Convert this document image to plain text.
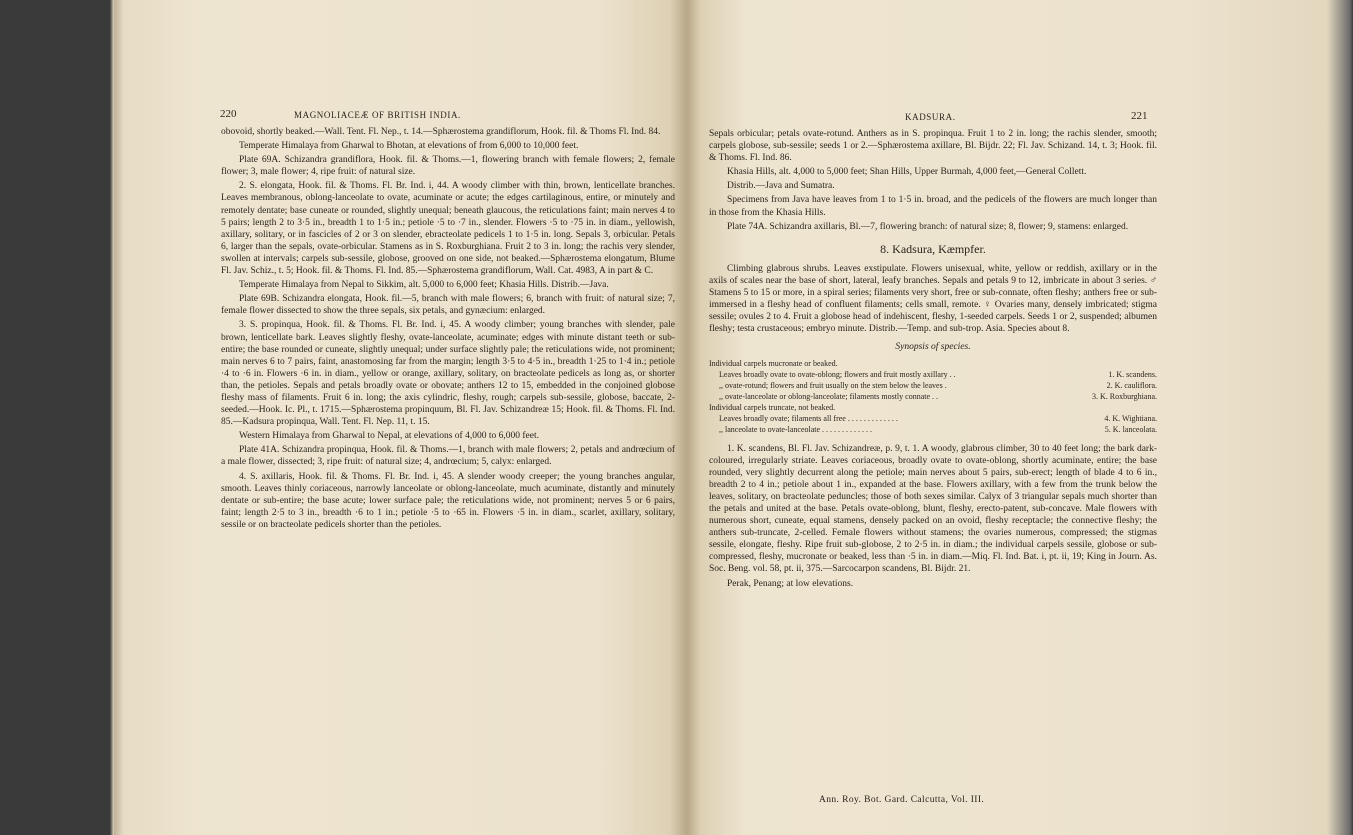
220	MAGNOLIACEÆ OF BRITISH INDIA.

obovoid, shortly beaked.—Wall. Tent. Fl. Nep., t. 14.—Sphærostema grandiflorum, Hook. fil. & Thoms Fl. Ind. 84.

Temperate Himalaya from Gharwal to Bhotan, at elevations of from 6,000 to 10,000 feet.

Plate 69A. Schizandra grandiflora, Hook. fil. & Thoms.—1, flowering branch with female flowers; 2, female flower; 3, male flower; 4, ripe fruit: of natural size.

2. S. elongata, Hook. fil. & Thoms. Fl. Br. Ind. i, 44. A woody climber with thin, brown, lenticellate branches. Leaves membranous, oblong-lanceolate to ovate, acuminate or acute; the edges cartilaginous, entire, or minutely and remotely dentate; base cuneate or rounded, slightly unequal; beneath glaucous, the reticulations faint; main nerves 4 to 5 pairs; length 2 to 3·5 in., breadth 1 to 1·5 in.; petiole ·5 to ·7 in., slender. Flowers ·5 to ·75 in. in diam., yellowish, axillary, solitary, or in fascicles of 2 or 3 on slender, ebracteolate pedicels 1 to 1·5 in. long. Sepals 3, orbicular. Petals 6, larger than the sepals, ovate-orbicular. Stamens as in S. Roxburghiana. Fruit 2 to 3 in. long; the rachis very slender, swollen at intervals; carpels sub-sessile, globose, grooved on one side, not beaked.—Sphærostema elongatum, Blume Fl. Jav. Schiz., t. 5; Hook. fil. & Thoms. Fl. Ind. 85.—Sphærostema grandiflorum, Wall. Cat. 4983, A in part & C.

Temperate Himalaya from Nepal to Sikkim, alt. 5,000 to 6,000 feet; Khasia Hills. Distrib.—Java.

Plate 69B. Schizandra elongata, Hook. fil.—5, branch with male flowers; 6, branch with fruit: of natural size; 7, female flower dissected to show the three sepals, six petals, and gynæcium: enlarged.

3. S. propinqua, Hook. fil. & Thoms. Fl. Br. Ind. i, 45. A woody climber; young branches with slender, pale brown, lenticellate bark. Leaves slightly fleshy, ovate-lanceolate, acuminate; edges with minute distant teeth or sub-entire; the base rounded or cuneate, slightly unequal; under surface slightly pale; the reticulations wide, not prominent; main nerves 6 to 7 pairs, faint, anastomosing far from the margin; length 3·5 to 4·5 in., breadth 1·25 to 1·4 in.; petiole ·4 to ·6 in. Flowers ·6 in. in diam., yellow or orange, axillary, solitary, on bracteolate pedicels as long as, or shorter than, the petioles. Sepals and petals broadly ovate or obovate; anthers 12 to 15, embedded in the conjoined globose fleshy mass of filaments. Fruit 6 in. long; the axis cylindric, fleshy, rough; carpels sub-sessile, globose, baccate, 2-seeded.—Hook. Ic. Pl., t. 1715.—Sphærostema propinquum, Bl. Fl. Jav. Schizandreæ 15; Hook. fil. & Thoms. Fl. Ind. 85.—Kadsura propinqua, Wall. Tent. Fl. Nep. 11, t. 15.

Western Himalaya from Gharwal to Nepal, at elevations of 4,000 to 6,000 feet.

Plate 41A. Schizandra propinqua, Hook. fil. & Thoms.—1, branch with male flowers; 2, petals and andrœcium of a male flower, dissected; 3, ripe fruit: of natural size; 4, andrœcium; 5, calyx: enlarged.

4. S. axillaris, Hook. fil. & Thoms. Fl. Br. Ind. i, 45. A slender woody creeper; the young branches angular, smooth. Leaves thinly coriaceous, narrowly lanceolate or oblong-lanceolate, much acuminate, distantly and minutely dentate or sub-entire; the base acute; lower surface pale; the reticulations wide, not prominent; nerves 5 or 6 pairs, faint; length 2·5 to 3 in., breadth ·6 to 1 in.; petiole ·5 to ·65 in. Flowers ·5 in. in diam., scarlet, axillary, solitary, sessile or on bracteolate pedicels shorter than the petioles.

KADSURA.	221

Sepals orbicular; petals ovate-rotund. Anthers as in S. propinqua. Fruit 1 to 2 in. long; the rachis slender, smooth; carpels globose, sub-sessile; seeds 1 or 2.—Sphærostema axillare, Bl. Bijdr. 22; Fl. Jav. Schizand. 14, t. 3; Hook. fil. & Thoms. Fl. Ind. 86.

Khasia Hills, alt. 4,000 to 5,000 feet; Shan Hills, Upper Burmah, 4,000 feet,—General Collett.

Distrib.—Java and Sumatra.

Specimens from Java have leaves from 1 to 1·5 in. broad, and the pedicels of the flowers are much longer than in those from the Khasia Hills.

Plate 74A. Schizandra axillaris, Bl.—7, flowering branch: of natural size; 8, flower; 9, stamens: enlarged.

8. Kadsura, Kæmpfer.

Climbing glabrous shrubs. Leaves exstipulate. Flowers unisexual, white, yellow or reddish, axillary or in the axils of scales near the base of short, lateral, leafy branches. Sepals and petals 9 to 12, imbricate in about 3 series. ♂ Stamens 5 to 15 or more, in a spiral series; filaments very short, free or sub-connate, often fleshy; anthers free or sub-immersed in a fleshy head of confluent filaments; cells small, remote. ♀ Ovaries many, densely imbricated; stigma sessile; ovules 2 to 4. Fruit a globose head of indehiscent, fleshy, 1-seeded carpels. Seeds 1 or 2, suspended; albumen fleshy; testa crustaceous; embryo minute. Distrib.—Temp. and sub-trop. Asia. Species about 8.

Synopsis of species.

Individual carpels mucronate or beaked.
Leaves broadly ovate to ovate-oblong; flowers and fruit mostly axillary . .	1. K. scandens.
,, ovate-rotund; flowers and fruit usually on the stem below the leaves .	2. K. cauliflora.
,, ovate-lanceolate or oblong-lanceolate; filaments mostly connate . .	3. K. Roxburghiana.
Individual carpels truncate, not beaked.
Leaves broadly ovate; filaments all free . . . . . . . . . . . . .	4. K. Wightiana.
,, lanceolate to ovate-lanceolate . . . . . . . . . . . . .	5. K. lanceolata.

1. K. scandens, Bl. Fl. Jav. Schizandreæ, p. 9, t. 1. A woody, glabrous climber, 30 to 40 feet long; the bark dark-coloured, irregularly striate. Leaves coriaceous, broadly ovate to ovate-oblong, shortly acuminate, entire; the base rounded, very slightly decurrent along the petiole; main nerves about 5 pairs, sub-erect; length of blade 4 to 6 in., breadth 2 to 4 in.; petiole about 1 in., expanded at the base. Flowers axillary, with a few from the trunk below the leaves, solitary, on bracteolate peduncles; those of both sexes similar. Calyx of 3 triangular sepals much shorter than the petals and united at the base. Petals ovate-oblong, blunt, fleshy, erecto-patent, sub-concave. Male flowers with numerous short, cuneate, equal stamens, densely packed on an ovoid, fleshy receptacle; the connective fleshy; the anthers sub-truncate, 2-celled. Female flowers without stamens; the ovaries numerous, compressed; the stigmas sessile, elongate, fleshy. Ripe fruit sub-globose, 2 to 2·5 in. in diam.; the individual carpels sessile, globose or sub-compressed, fleshy, mucronate or beaked, less than ·5 in. in diam.—Miq. Fl. Ind. Bat. i, pt. ii, 19; King in Journ. As. Soc. Beng. vol. 58, pt. ii, 375.—Sarcocarpon scandens, Bl. Bijdr. 21.

Perak, Penang; at low elevations.

Ann. Roy. Bot. Gard. Calcutta, Vol. III.
